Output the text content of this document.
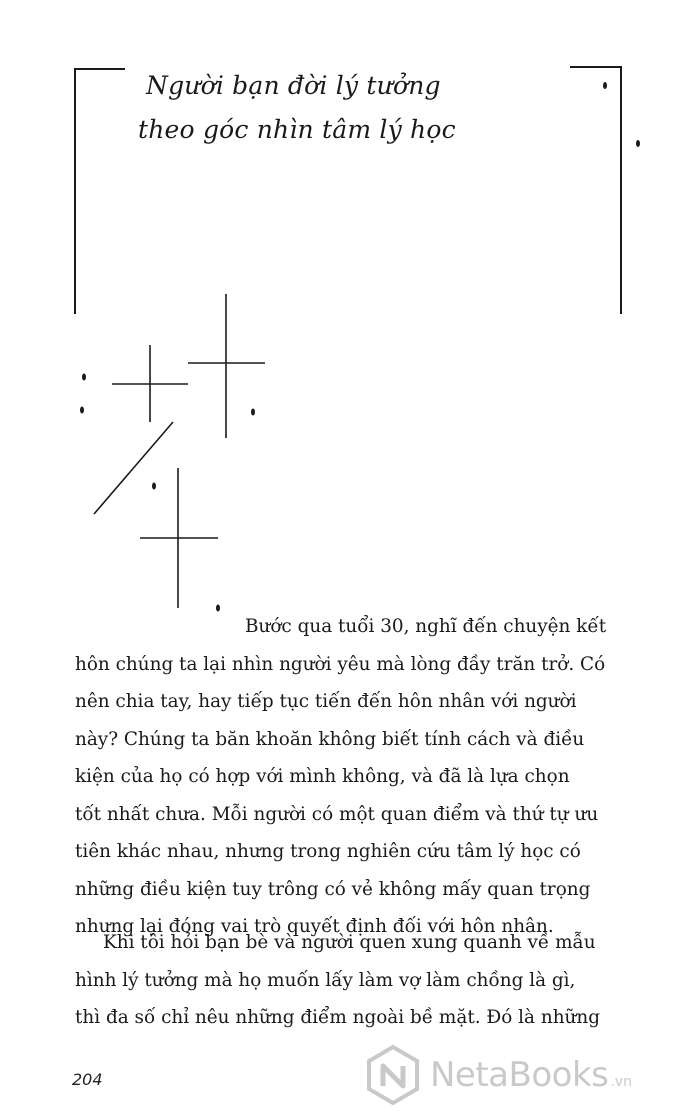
Người bạn đời lý tưởng
theo góc nhìn tâm lý học
Bước qua tuổi 30, nghĩ đến chuyện kết
hôn chúng ta lại nhìn người yêu mà lòng đầy trăn trở. Có
nên chia tay, hay tiếp tục tiến đến hôn nhân với người
này? Chúng ta băn khoăn không biết tính cách và điều
kiện của họ có hợp với mình không, và đã là lựa chọn
tốt nhất chưa. Mỗi người có một quan điểm và thứ tự ưu
tiên khác nhau, nhưng trong nghiên cứu tâm lý học có
những điều kiện tuy trông có vẻ không mấy quan trọng
nhưng lại đóng vai trò quyết định đối với hôn nhân.
Khi tôi hỏi bạn bè và người quen xung quanh về mẫu
hình lý tưởng mà họ muốn lấy làm vợ làm chồng là gì,
thì đa số chỉ nêu những điểm ngoài bề mặt. Đó là những
204	NetaBooks .vn
